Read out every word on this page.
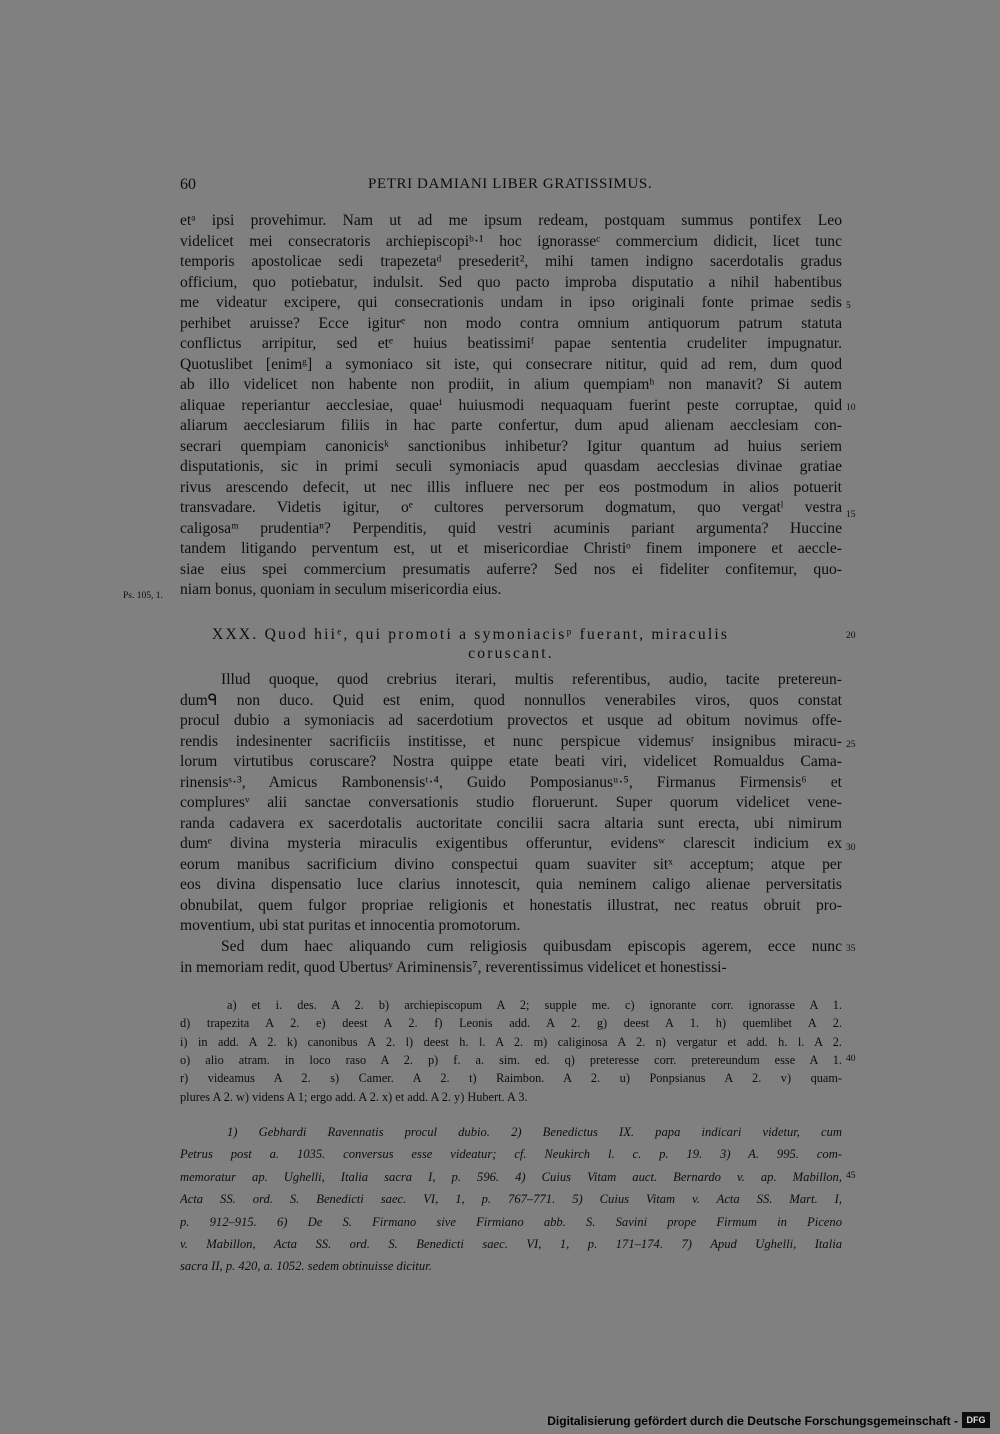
60	PETRI DAMIANI LIBER GRATISSIMUS.
etᵃ ipsi provehimur. Nam ut ad me ipsum redeam, postquam summus pontifex Leo
videlicet mei consecratoris archiepiscopiᵇ·¹ hoc ignorasseᶜ commercium didicit, licet tunc
temporis apostolicae sedi trapezetaᵈ presederit², mihi tamen indigno sacerdotalis gradus
officium, quo potiebatur, indulsit. Sed quo pacto improba disputatio a nihil habentibus
me videatur excipere, qui consecrationis undam in ipso originali fonte primae sedis
perhibet aruisse? Ecce igiturᵉ non modo contra omnium antiquorum patrum statuta
conflictus arripitur, sed etᵉ huius beatissimiᶠ papae sententia crudeliter impugnatur.
Quotuslibet [enimᵍ] a symoniaco sit iste, qui consecrare nititur, quid ad rem, dum quod
ab illo videlicet non habente non prodiit, in alium quempiamʰ non manavit? Si autem
aliquae reperiantur aecclesiae, quaeⁱ huiusmodi nequaquam fuerint peste corruptae, quid
aliarum aecclesiarum filiis in hac parte confertur, dum apud alienam aecclesiam con-
secrari quempiam canonicisᵏ sanctionibus inhibetur? Igitur quantum ad huius seriem
disputationis, sic in primi seculi symoniacis apud quasdam aecclesias divinae gratiae
rivus arescendo defecit, ut nec illis influere nec per eos postmodum in alios potuerit
transvadare. Videtis igitur, oᵉ cultores perversorum dogmatum, quo vergatˡ vestra
caligosaᵐ prudentiaⁿ? Perpenditis, quid vestri acuminis pariant argumenta? Huccine
tandem litigando perventum est, ut et misericordiae Christiᵒ finem imponere et aeccle-
siae eius spei commercium presumatis auferre? Sed nos ei fideliter confitemur, quo-
niam bonus, quoniam in seculum misericordia eius.
XXX. Quod hiiᵉ, qui promoti a symoniacisᵖ fuerant, miraculis
coruscant.
Illud quoque, quod crebrius iterari, multis referentibus, audio, tacite pretereun-
dumᑫ non duco. Quid est enim, quod nonnullos venerabiles viros, quos constat
procul dubio a symoniacis ad sacerdotium provectos et usque ad obitum novimus offe-
rendis indesinenter sacrificiis institisse, et nunc perspicue videmusʳ insignibus miracu-
lorum virtutibus coruscare? Nostra quippe etate beati viri, videlicet Romualdus Cama-
rinensisˢ·³, Amicus Rambonensisᵗ·⁴, Guido Pomposianusᵘ·⁵, Firmanus Firmensis⁶ et
compluresᵛ alii sanctae conversationis studio floruerunt. Super quorum videlicet vene-
randa cadavera ex sacerdotalis auctoritate concilii sacra altaria sunt erecta, ubi nimirum
dumᵉ divina mysteria miraculis exigentibus offeruntur, evidensʷ clarescit indicium ex
eorum manibus sacrificium divino conspectui quam suaviter sitˣ acceptum; atque per
eos divina dispensatio luce clarius innotescit, quia neminem caligo alienae perversitatis
obnubilat, quem fulgor propriae religionis et honestatis illustrat, nec reatus obruit pro-
moventium, ubi stat puritas et innocentia promotorum.
Sed dum haec aliquando cum religiosis quibusdam episcopis agerem, ecce nunc
in memoriam redit, quod Ubertusʸ Ariminensis⁷, reverentissimus videlicet et honestissi-
5
10
15
20
25
30
35
40
45
Ps. 105, 1.
a) et i. des. A 2. b) archiepiscopum A 2; supple me. c) ignorante corr. ignorasse A 1.
d) trapezita A 2. e) deest A 2. f) Leonis add. A 2. g) deest A 1. h) quemlibet A 2.
i) in add. A 2. k) canonibus A 2. l) deest h. l. A 2. m) caliginosa A 2. n) vergatur et add. h. l. A 2.
o) alio atram. in loco raso A 2. p) f. a. sim. ed. q) preteresse corr. pretereundum esse A 1.
r) videamus A 2. s) Camer. A 2. t) Raimbon. A 2. u) Ponpsianus A 2. v) quam-
plures A 2. w) videns A 1; ergo add. A 2. x) et add. A 2. y) Hubert. A 3.
1) Gebhardi Ravennatis procul dubio. 2) Benedictus IX. papa indicari videtur, cum
Petrus post a. 1035. conversus esse videatur; cf. Neukirch l. c. p. 19. 3) A. 995. com-
memoratur ap. Ughelli, Italia sacra I, p. 596. 4) Cuius Vitam auct. Bernardo v. ap. Mabillon,
Acta SS. ord. S. Benedicti saec. VI, 1, p. 767–771. 5) Cuius Vitam v. Acta SS. Mart. I,
p. 912–915. 6) De S. Firmano sive Firmiano abb. S. Savini prope Firmum in Piceno
v. Mabillon, Acta SS. ord. S. Benedicti saec. VI, 1, p. 171–174. 7) Apud Ughelli, Italia
sacra II, p. 420, a. 1052. sedem obtinuisse dicitur.
Digitalisierung gefördert durch die Deutsche Forschungsgemeinschaft - DFG
